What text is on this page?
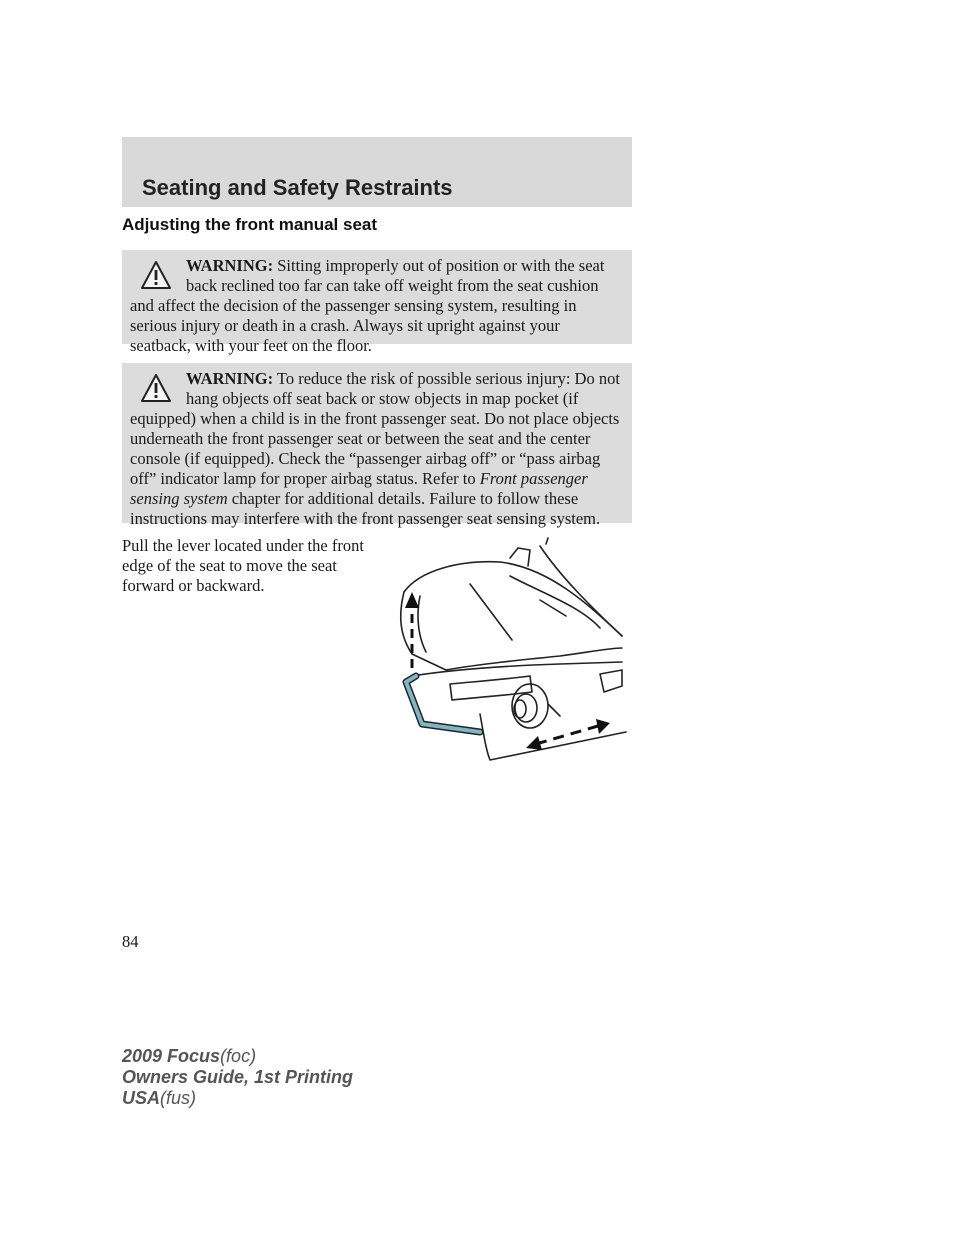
Seating and Safety Restraints
Adjusting the front manual seat
WARNING: Sitting improperly out of position or with the seat back reclined too far can take off weight from the seat cushion and affect the decision of the passenger sensing system, resulting in serious injury or death in a crash. Always sit upright against your seatback, with your feet on the floor.
WARNING: To reduce the risk of possible serious injury: Do not hang objects off seat back or stow objects in map pocket (if equipped) when a child is in the front passenger seat. Do not place objects underneath the front passenger seat or between the seat and the center console (if equipped). Check the “passenger airbag off” or “pass airbag off” indicator lamp for proper airbag status. Refer to Front passenger sensing system chapter for additional details. Failure to follow these instructions may interfere with the front passenger seat sensing system.

Pull the lever located under the front edge of the seat to move the seat forward or backward.

84

2009 Focus(foc)
Owners Guide, 1st Printing
USA(fus)
